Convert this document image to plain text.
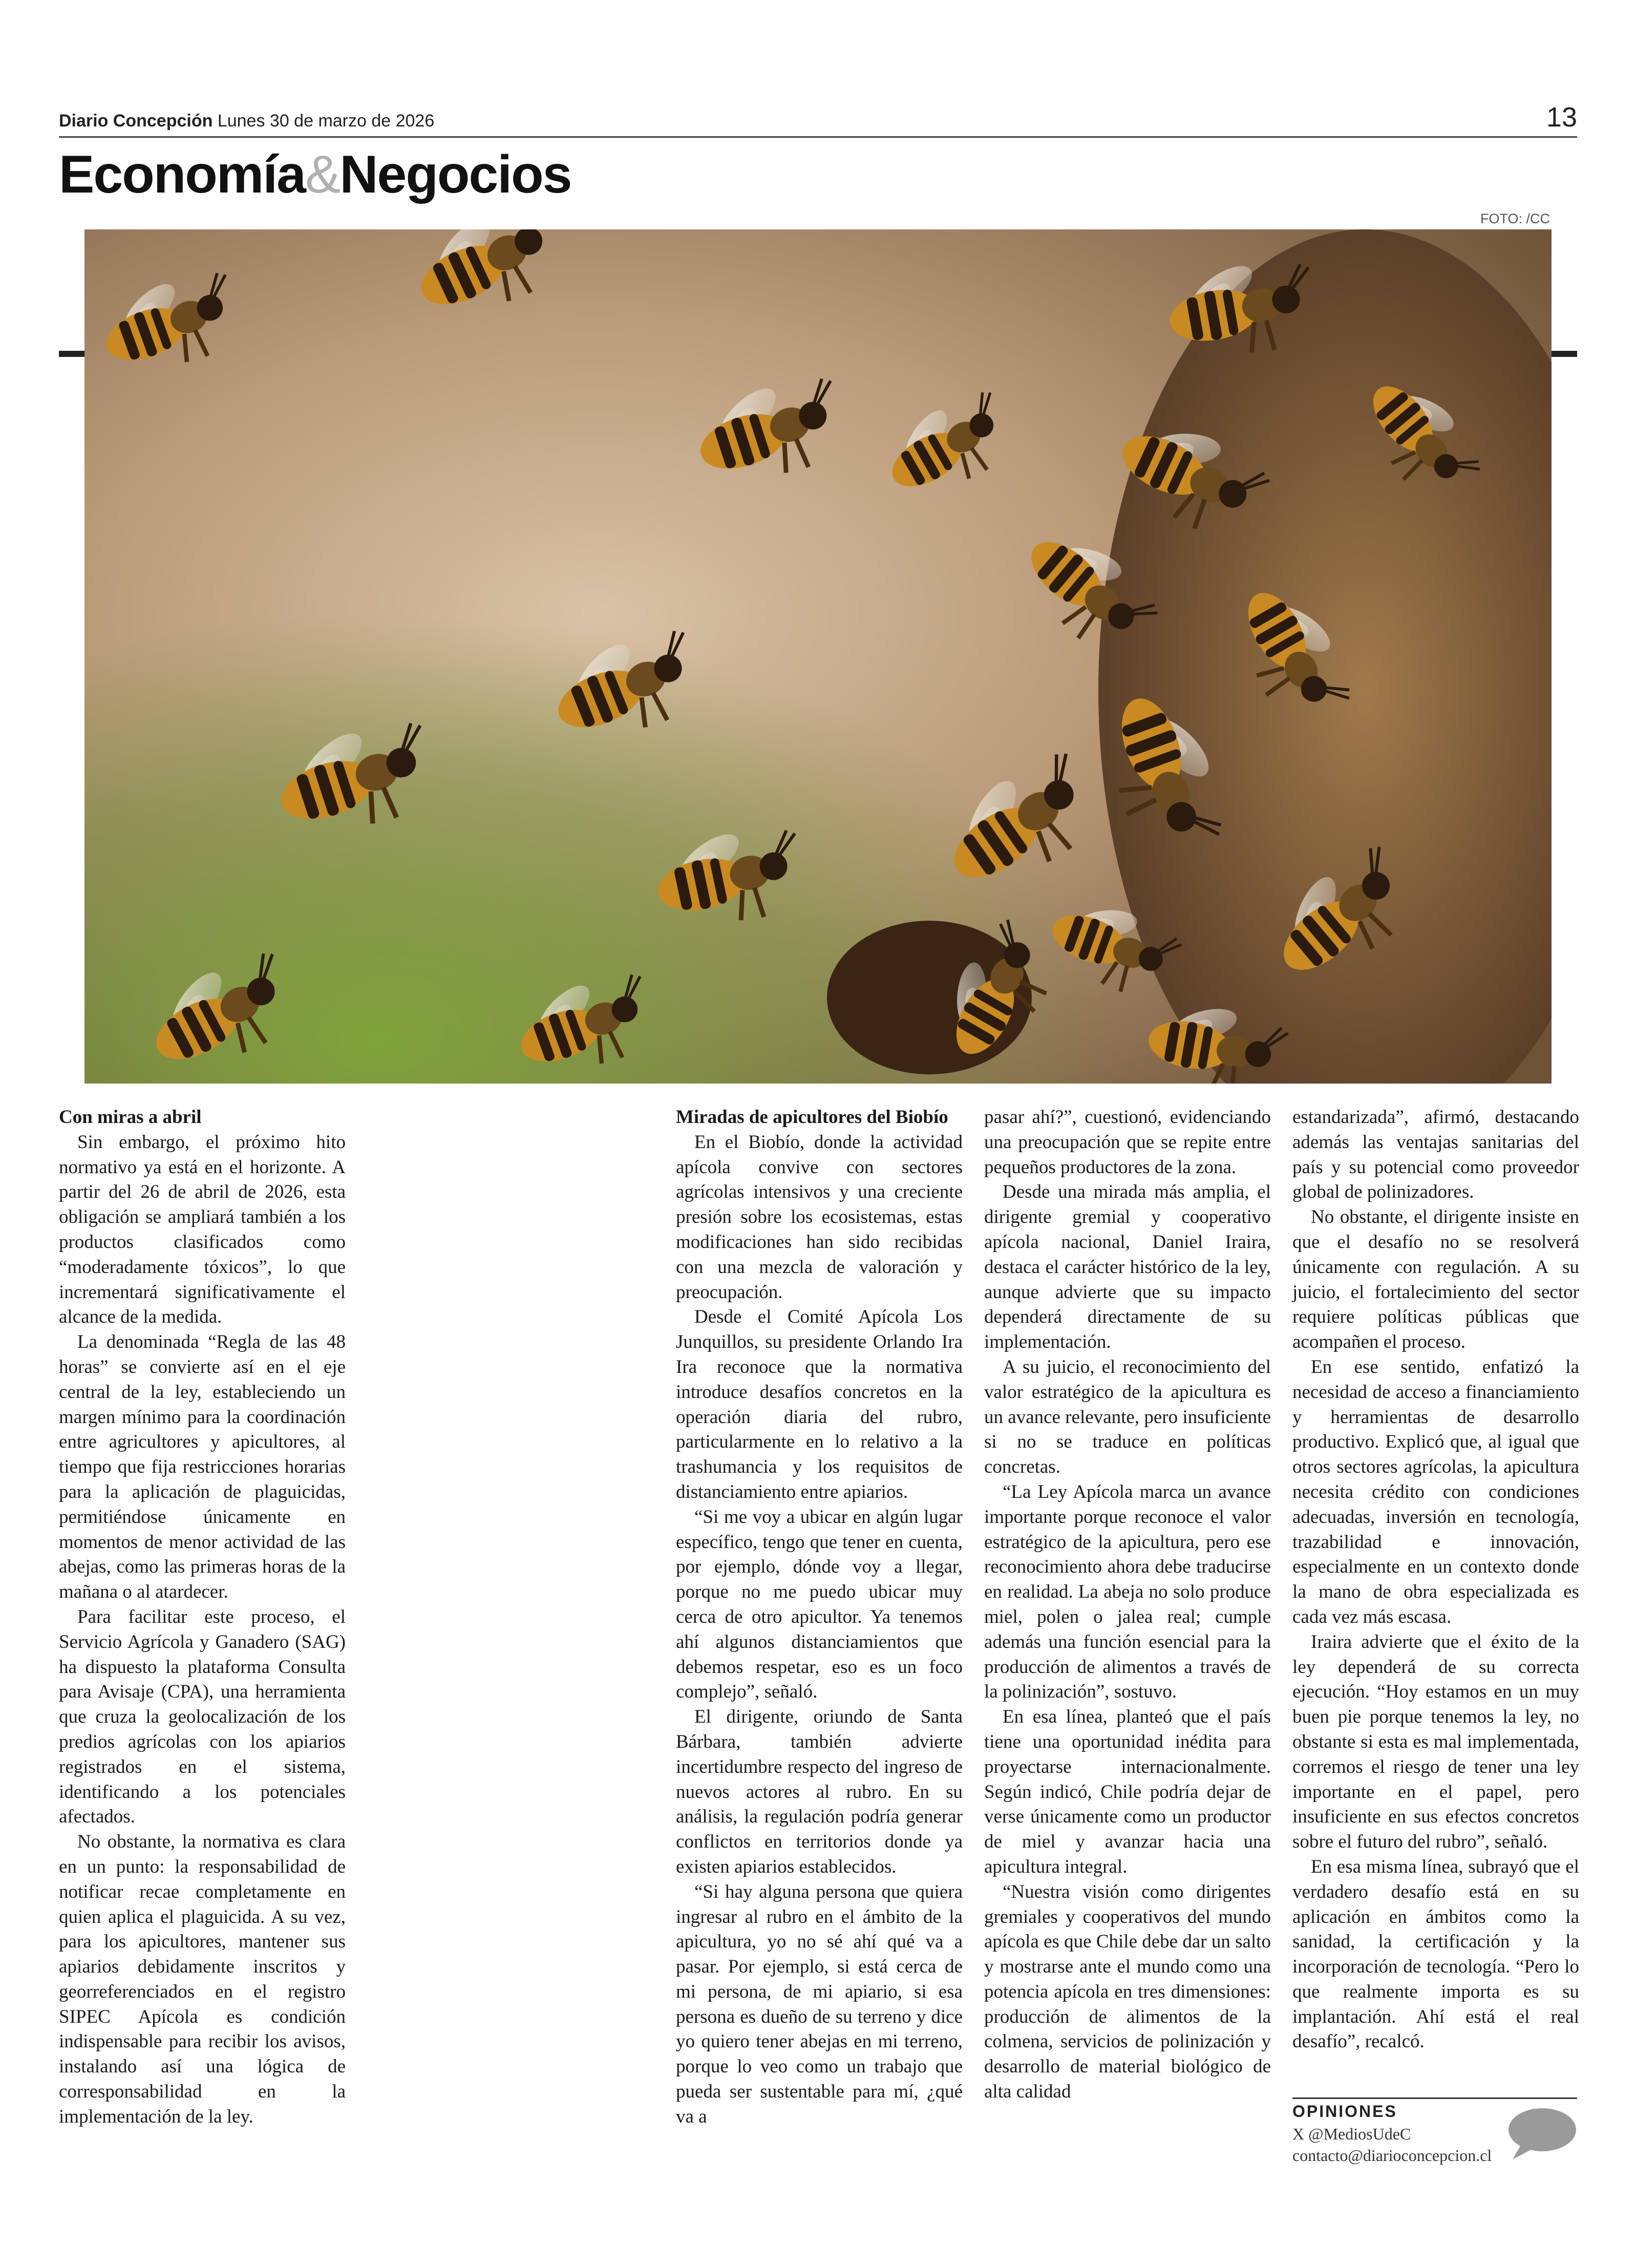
Diario Concepción Lunes 30 de marzo de 2026	13
Economía&Negocios
FOTO: /CC
Con miras a abril

Sin embargo, el próximo hito normativo ya está en el horizonte. A partir del 26 de abril de 2026, esta obligación se ampliará también a los productos clasificados como “moderadamente tóxicos”, lo que incrementará significativamente el alcance de la medida.

La denominada “Regla de las 48 horas” se convierte así en el eje central de la ley, estableciendo un margen mínimo para la coordinación entre agricultores y apicultores, al tiempo que fija restricciones horarias para la aplicación de plaguicidas, permitiéndose únicamente en momentos de menor actividad de las abejas, como las primeras horas de la mañana o al atardecer.

Para facilitar este proceso, el Servicio Agrícola y Ganadero (SAG) ha dispuesto la plataforma Consulta para Avisaje (CPA), una herramienta que cruza la geolocalización de los predios agrícolas con los apiarios registrados en el sistema, identificando a los potenciales afectados.

No obstante, la normativa es clara en un punto: la responsabilidad de notificar recae completamente en quien aplica el plaguicida. A su vez, para los apicultores, mantener sus apiarios debidamente inscritos y georreferenciados en el registro SIPEC Apícola es condición indispensable para recibir los avisos, instalando así una lógica de corresponsabilidad en la implementación de la ley.

Miradas de apicultores del Biobío

En el Biobío, donde la actividad apícola convive con sectores agrícolas intensivos y una creciente presión sobre los ecosistemas, estas modificaciones han sido recibidas con una mezcla de valoración y preocupación.

Desde el Comité Apícola Los Junquillos, su presidente Orlando Ira Ira reconoce que la normativa introduce desafíos concretos en la operación diaria del rubro, particularmente en lo relativo a la trashumancia y los requisitos de distanciamiento entre apiarios.

“Si me voy a ubicar en algún lugar específico, tengo que tener en cuenta, por ejemplo, dónde voy a llegar, porque no me puedo ubicar muy cerca de otro apicultor. Ya tenemos ahí algunos distanciamientos que debemos respetar, eso es un foco complejo”, señaló.

El dirigente, oriundo de Santa Bárbara, también advierte incertidumbre respecto del ingreso de nuevos actores al rubro. En su análisis, la regulación podría generar conflictos en territorios donde ya existen apiarios establecidos.

“Si hay alguna persona que quiera ingresar al rubro en el ámbito de la apicultura, yo no sé ahí qué va a pasar. Por ejemplo, si está cerca de mi persona, de mi apiario, si esa persona es dueño de su terreno y dice yo quiero tener abejas en mi terreno, porque lo veo como un trabajo que pueda ser sustentable para mí, ¿qué va a

pasar ahí?”, cuestionó, evidenciando una preocupación que se repite entre pequeños productores de la zona.

Desde una mirada más amplia, el dirigente gremial y cooperativo apícola nacional, Daniel Iraira, destaca el carácter histórico de la ley, aunque advierte que su impacto dependerá directamente de su implementación.

A su juicio, el reconocimiento del valor estratégico de la apicultura es un avance relevante, pero insuficiente si no se traduce en políticas concretas.

“La Ley Apícola marca un avance importante porque reconoce el valor estratégico de la apicultura, pero ese reconocimiento ahora debe traducirse en realidad. La abeja no solo produce miel, polen o jalea real; cumple además una función esencial para la producción de alimentos a través de la polinización”, sostuvo.

En esa línea, planteó que el país tiene una oportunidad inédita para proyectarse internacionalmente. Según indicó, Chile podría dejar de verse únicamente como un productor de miel y avanzar hacia una apicultura integral.

“Nuestra visión como dirigentes gremiales y cooperativos del mundo apícola es que Chile debe dar un salto y mostrarse ante el mundo como una potencia apícola en tres dimensiones: producción de alimentos de la colmena, servicios de polinización y desarrollo de material biológico de alta calidad

estandarizada”, afirmó, destacando además las ventajas sanitarias del país y su potencial como proveedor global de polinizadores.

No obstante, el dirigente insiste en que el desafío no se resolverá únicamente con regulación. A su juicio, el fortalecimiento del sector requiere políticas públicas que acompañen el proceso.

En ese sentido, enfatizó la necesidad de acceso a financiamiento y herramientas de desarrollo productivo. Explicó que, al igual que otros sectores agrícolas, la apicultura necesita crédito con condiciones adecuadas, inversión en tecnología, trazabilidad e innovación, especialmente en un contexto donde la mano de obra especializada es cada vez más escasa.

Iraira advierte que el éxito de la ley dependerá de su correcta ejecución. “Hoy estamos en un muy buen pie porque tenemos la ley, no obstante si esta es mal implementada, corremos el riesgo de tener una ley importante en el papel, pero insuficiente en sus efectos concretos sobre el futuro del rubro”, señaló.

En esa misma línea, subrayó que el verdadero desafío está en su aplicación en ámbitos como la sanidad, la certificación y la incorporación de tecnología. “Pero lo que realmente importa es su implantación. Ahí está el real desafío”, recalcó.

OPINIONES
X @MediosUdeC
contacto@diarioconcepcion.cl
